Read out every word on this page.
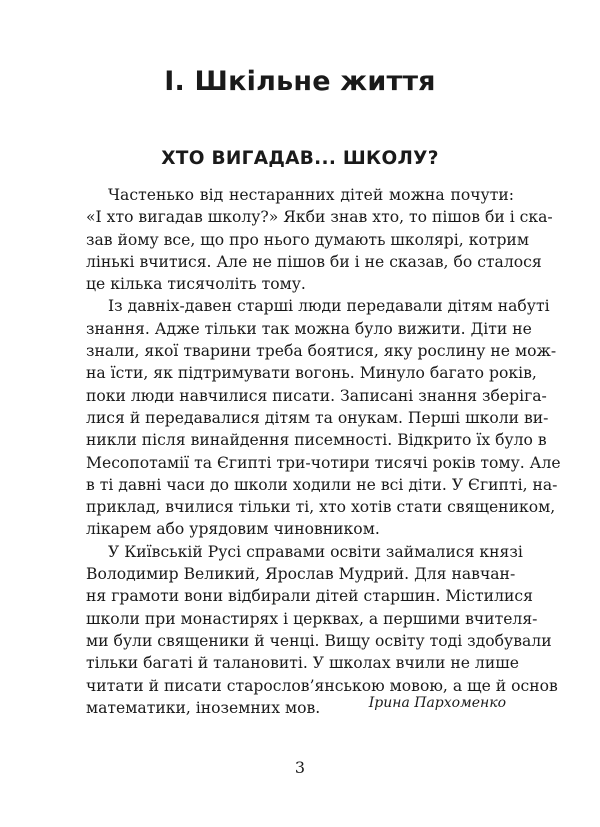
І. Шкільне життя
ХТО ВИГАДАВ... ШКОЛУ?
Частенько від нестаранних дітей можна почути:
«І хто вигадав школу?» Якби знав хто, то пішов би і ска-
зав йому все, що про нього думають школярі, котрим
лінькі вчитися. Але не пішов би і не сказав, бо сталося
це кілька тисячоліть тому.
Із давніх-давен старші люди передавали дітям набуті
знання. Адже тільки так можна було вижити. Діти не
знали, якої тварини треба боятися, яку рослину не мож-
на їсти, як підтримувати вогонь. Минуло багато років,
поки люди навчилися писати. Записані знання зберіга-
лися й передавалися дітям та онукам. Перші школи ви-
никли після винайдення писемності. Відкрито їх було в
Месопотамії та Єгипті три-чотири тисячі років тому. Але
в ті давні часи до школи ходили не всі діти. У Єгипті, на-
приклад, вчилися тільки ті, хто хотів стати священиком,
лікарем або урядовим чиновником.
У Київській Русі справами освіти займалися князі
Володимир Великий, Ярослав Мудрий. Для навчан-
ня грамоти вони відбирали дітей старшин. Містилися
школи при монастирях і церквах, а першими вчителя-
ми були священики й ченці. Вищу освіту тоді здобували
тільки багаті й талановиті. У школах вчили не лише
читати й писати старослов’янською мовою, а ще й основ
математики, іноземних мов.	Ірина Пархоменко
3
